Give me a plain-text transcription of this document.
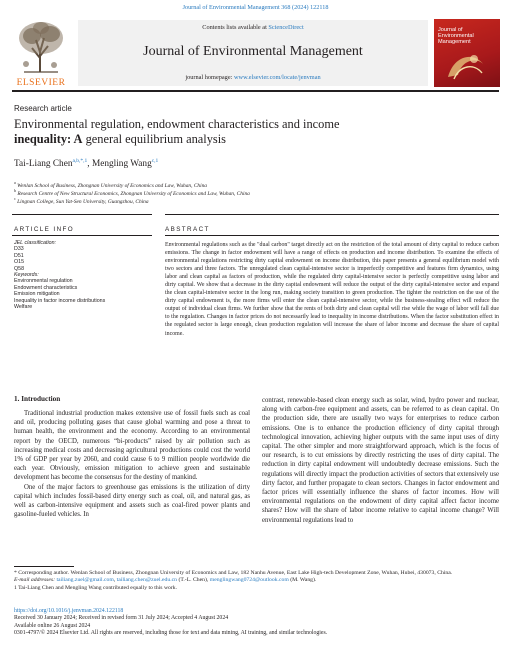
Journal of Environmental Management 368 (2024) 122118
ELSEVIER
Contents lists available at ScienceDirect
Journal of Environmental Management
journal homepage: www.elsevier.com/locate/jenvman
Journal of Environmental Management
Research article
Environmental regulation, endowment characteristics and income
inequality: A general equilibrium analysis
Tai-Liang Chen$^{a,b,*,1}$, Mengling Wang$^{c,1}$
$^a$ Wenlan School of Business, Zhongnan University of Economics and Law, Wuhan, China
$^b$ Research Centre of New Structural Economics, Zhongnan University of Economics and Law, Wuhan, China
$^c$ Lingnan College, Sun Yat-Sen University, Guangzhou, China
ARTICLE INFO	ABSTRACT
JEL classification:
D33
D51
O15
Q58
Keywords:
Environmental regulation
Endowment characteristics
Emission mitigation
Inequality in factor income distributions
Welfare
Environmental regulations such as the "dual carbon" target directly act on the restriction of the total amount of dirty capital to reduce carbon emissions. The change in factor endowment will have a range of effects on production and income distribution. To examine the effects of environmental regulations restricting dirty capital endowment on income distribution, this paper presents a general equilibrium model with two sectors and three factors. The unregulated clean capital-intensive sector is imperfectly competitive and features firm dynamics, using labor and clean capital as factors of production, while the regulated dirty capital-intensive sector is perfectly competitive using labor and dirty capital. We show that a decrease in the dirty capital endowment will reduce the output of the dirty capital-intensive sector and expand the clean capital-intensive sector in the long run, making society transition to green production. The tighter the restriction on the use of the dirty capital endowment is, the more firms will enter the clean capital-intensive sector, while the business-stealing effect will reduce the output of individual clean firms. We further show that the rents of both dirty and clean capital will rise while the wage of labor will fall due to the regulation. Changes in factor prices do not necessarily lead to inequality in income distributions. When the factor substitution effect in the regulated sector is large enough, clean production regulation will increase the share of labor income and decrease the share of capital income.
1. Introduction

Traditional industrial production makes extensive use of fossil fuels such as coal and oil, producing polluting gases that cause global warming and pose a threat to human health, the environment and the economy. According to an environmental report by the OECD, numerous “bi-products” raised by air pollution such as increasing medical costs and decreasing agricultural productions could cost the world 1% of GDP per year by 2060, and could cause 6 to 9 million people worldwide die each year. Obviously, emission mitigation to achieve green and sustainable development has become the consensus for the destiny of mankind.

One of the major factors to greenhouse gas emissions is the utilization of dirty capital which includes fossil-based dirty energy such as coal, oil, and natural gas, as well as carbon-intensive equipment and assets such as coal-fired power plants and gasoline-fueled vehicles. In

contrast, renewable-based clean energy such as solar, wind, hydro power and nuclear, along with carbon-free equipment and assets, can be referred to as clean capital. On the production side, there are usually two ways for enterprises to reduce carbon emissions. One is to enhance the production efficiency of dirty capital through technological innovation, achieving higher outputs with the same input uses of dirty capital. The other simpler and more straightforward approach, which is the focus of our research, is to cut emissions by directly restricting the uses of dirty capital. The reduction in dirty capital endowment will undoubtedly decrease emissions. Such the regulations will directly impact the production activities of sectors that extensively use dirty factor, and further propagate to clean sectors. Changes in factor endowment and factor prices will essentially influence the shares of factor incomes. How will environmental regulations on the endowment of dirty capital affect factor income shares? How will the share of labor income relative to capital income change? Will environmental regulations lead to

* Corresponding author. Wenlan School of Business, Zhongnan University of Economics and Law, 182 Nanhu Avenue, East Lake High-tech Development Zone, Wuhan, Hubei, 430073, China.
E-mail addresses: tailiang.zuel@gmail.com, tailiang.chen@zuel.edu.cn (T.-L. Chen), menglingwang0724@outlook.com (M. Wang).
1 Tai-Liang Chen and Mengling Wang contributed equally to this work.
https://doi.org/10.1016/j.jenvman.2024.122118
Received 30 January 2024; Received in revised form 31 July 2024; Accepted 4 August 2024
Available online 26 August 2024
0301-4797/© 2024 Elsevier Ltd. All rights are reserved, including those for text and data mining, AI training, and similar technologies.
